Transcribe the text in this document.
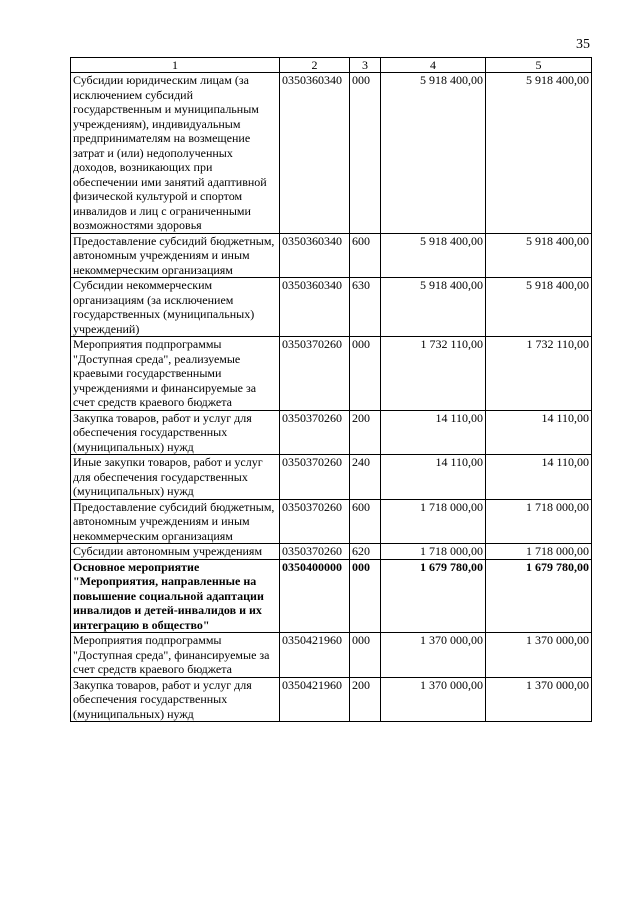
35
1	2	3	4	5
Субсидии юридическим лицам (за исключением субсидий государственным и муниципальным учреждениям), индивидуальным предпринимателям на возмещение затрат и (или) недополученных доходов, возникающих при обеспечении ими занятий адаптивной физической культурой и спортом инвалидов и лиц с ограниченными возможностями здоровья	0350360340	000	5 918 400,00	5 918 400,00
Предоставление субсидий бюджетным, автономным учреждениям и иным некоммерческим организациям	0350360340	600	5 918 400,00	5 918 400,00
Субсидии некоммерческим организациям (за исключением государственных (муниципальных) учреждений)	0350360340	630	5 918 400,00	5 918 400,00
Мероприятия подпрограммы "Доступная среда", реализуемые краевыми государственными учреждениями и финансируемые за счет средств краевого бюджета	0350370260	000	1 732 110,00	1 732 110,00
Закупка товаров, работ и услуг для обеспечения государственных (муниципальных) нужд	0350370260	200	14 110,00	14 110,00
Иные закупки товаров, работ и услуг для обеспечения государственных (муниципальных) нужд	0350370260	240	14 110,00	14 110,00
Предоставление субсидий бюджетным, автономным учреждениям и иным некоммерческим организациям	0350370260	600	1 718 000,00	1 718 000,00
Субсидии автономным учреждениям	0350370260	620	1 718 000,00	1 718 000,00
Основное мероприятие "Мероприятия, направленные на повышение социальной адаптации инвалидов и детей-инвалидов и их интеграцию в общество"	0350400000	000	1 679 780,00	1 679 780,00
Мероприятия подпрограммы "Доступная среда", финансируемые за счет средств краевого бюджета	0350421960	000	1 370 000,00	1 370 000,00
Закупка товаров, работ и услуг для обеспечения государственных (муниципальных) нужд	0350421960	200	1 370 000,00	1 370 000,00
